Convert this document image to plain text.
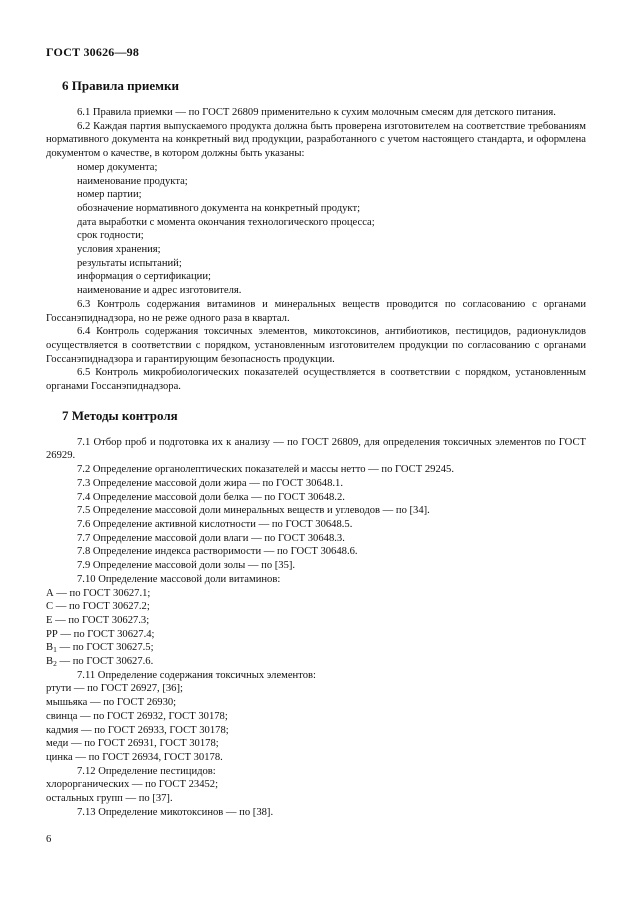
ГОСТ 30626—98
6 Правила приемки

6.1 Правила приемки — по ГОСТ 26809 применительно к сухим молочным смесям для детского питания.

6.2 Каждая партия выпускаемого продукта должна быть проверена изготовителем на соответствие требованиям нормативного документа на конкретный вид продукции, разработанного с учетом настоящего стандарта, и оформлена документом о качестве, в котором должны быть указаны:

номер документа;
наименование продукта;
номер партии;
обозначение нормативного документа на конкретный продукт;
дата выработки с момента окончания технологического процесса;
срок годности;
условия хранения;
результаты испытаний;
информация о сертификации;
наименование и адрес изготовителя.

6.3 Контроль содержания витаминов и минеральных веществ проводится по согласованию с органами Госсанэпиднадзора, но не реже одного раза в квартал.

6.4 Контроль содержания токсичных элементов, микотоксинов, антибиотиков, пестицидов, радионуклидов осуществляется в соответствии с порядком, установленным изготовителем продукции по согласованию с органами Госсанэпиднадзора и гарантирующим безопасность продукции.

6.5 Контроль микробиологических показателей осуществляется в соответствии с порядком, установленным органами Госсанэпиднадзора.

7 Методы контроля

7.1 Отбор проб и подготовка их к анализу — по ГОСТ 26809, для определения токсичных элементов по ГОСТ 26929.

7.2 Определение органолептических показателей и массы нетто — по ГОСТ 29245.
7.3 Определение массовой доли жира — по ГОСТ 30648.1.
7.4 Определение массовой доли белка — по ГОСТ 30648.2.
7.5 Определение массовой доли минеральных веществ и углеводов — по [34].
7.6 Определение активной кислотности — по ГОСТ 30648.5.
7.7 Определение массовой доли влаги — по ГОСТ 30648.3.
7.8 Определение индекса растворимости — по ГОСТ 30648.6.
7.9 Определение массовой доли золы — по [35].
7.10 Определение массовой доли витаминов:
А — по ГОСТ 30627.1;
С — по ГОСТ 30627.2;
Е — по ГОСТ 30627.3;
РР — по ГОСТ 30627.4;
$В_1$ — по ГОСТ 30627.5;
$В_2$ — по ГОСТ 30627.6.
7.11 Определение содержания токсичных элементов:
ртути — по ГОСТ 26927, [36];
мышьяка — по ГОСТ 26930;
свинца — по ГОСТ 26932, ГОСТ 30178;
кадмия — по ГОСТ 26933, ГОСТ 30178;
меди — по ГОСТ 26931, ГОСТ 30178;
цинка — по ГОСТ 26934, ГОСТ 30178.
7.12 Определение пестицидов:
хлорорганических — по ГОСТ 23452;
остальных групп — по [37].
7.13 Определение микотоксинов — по [38].
6
